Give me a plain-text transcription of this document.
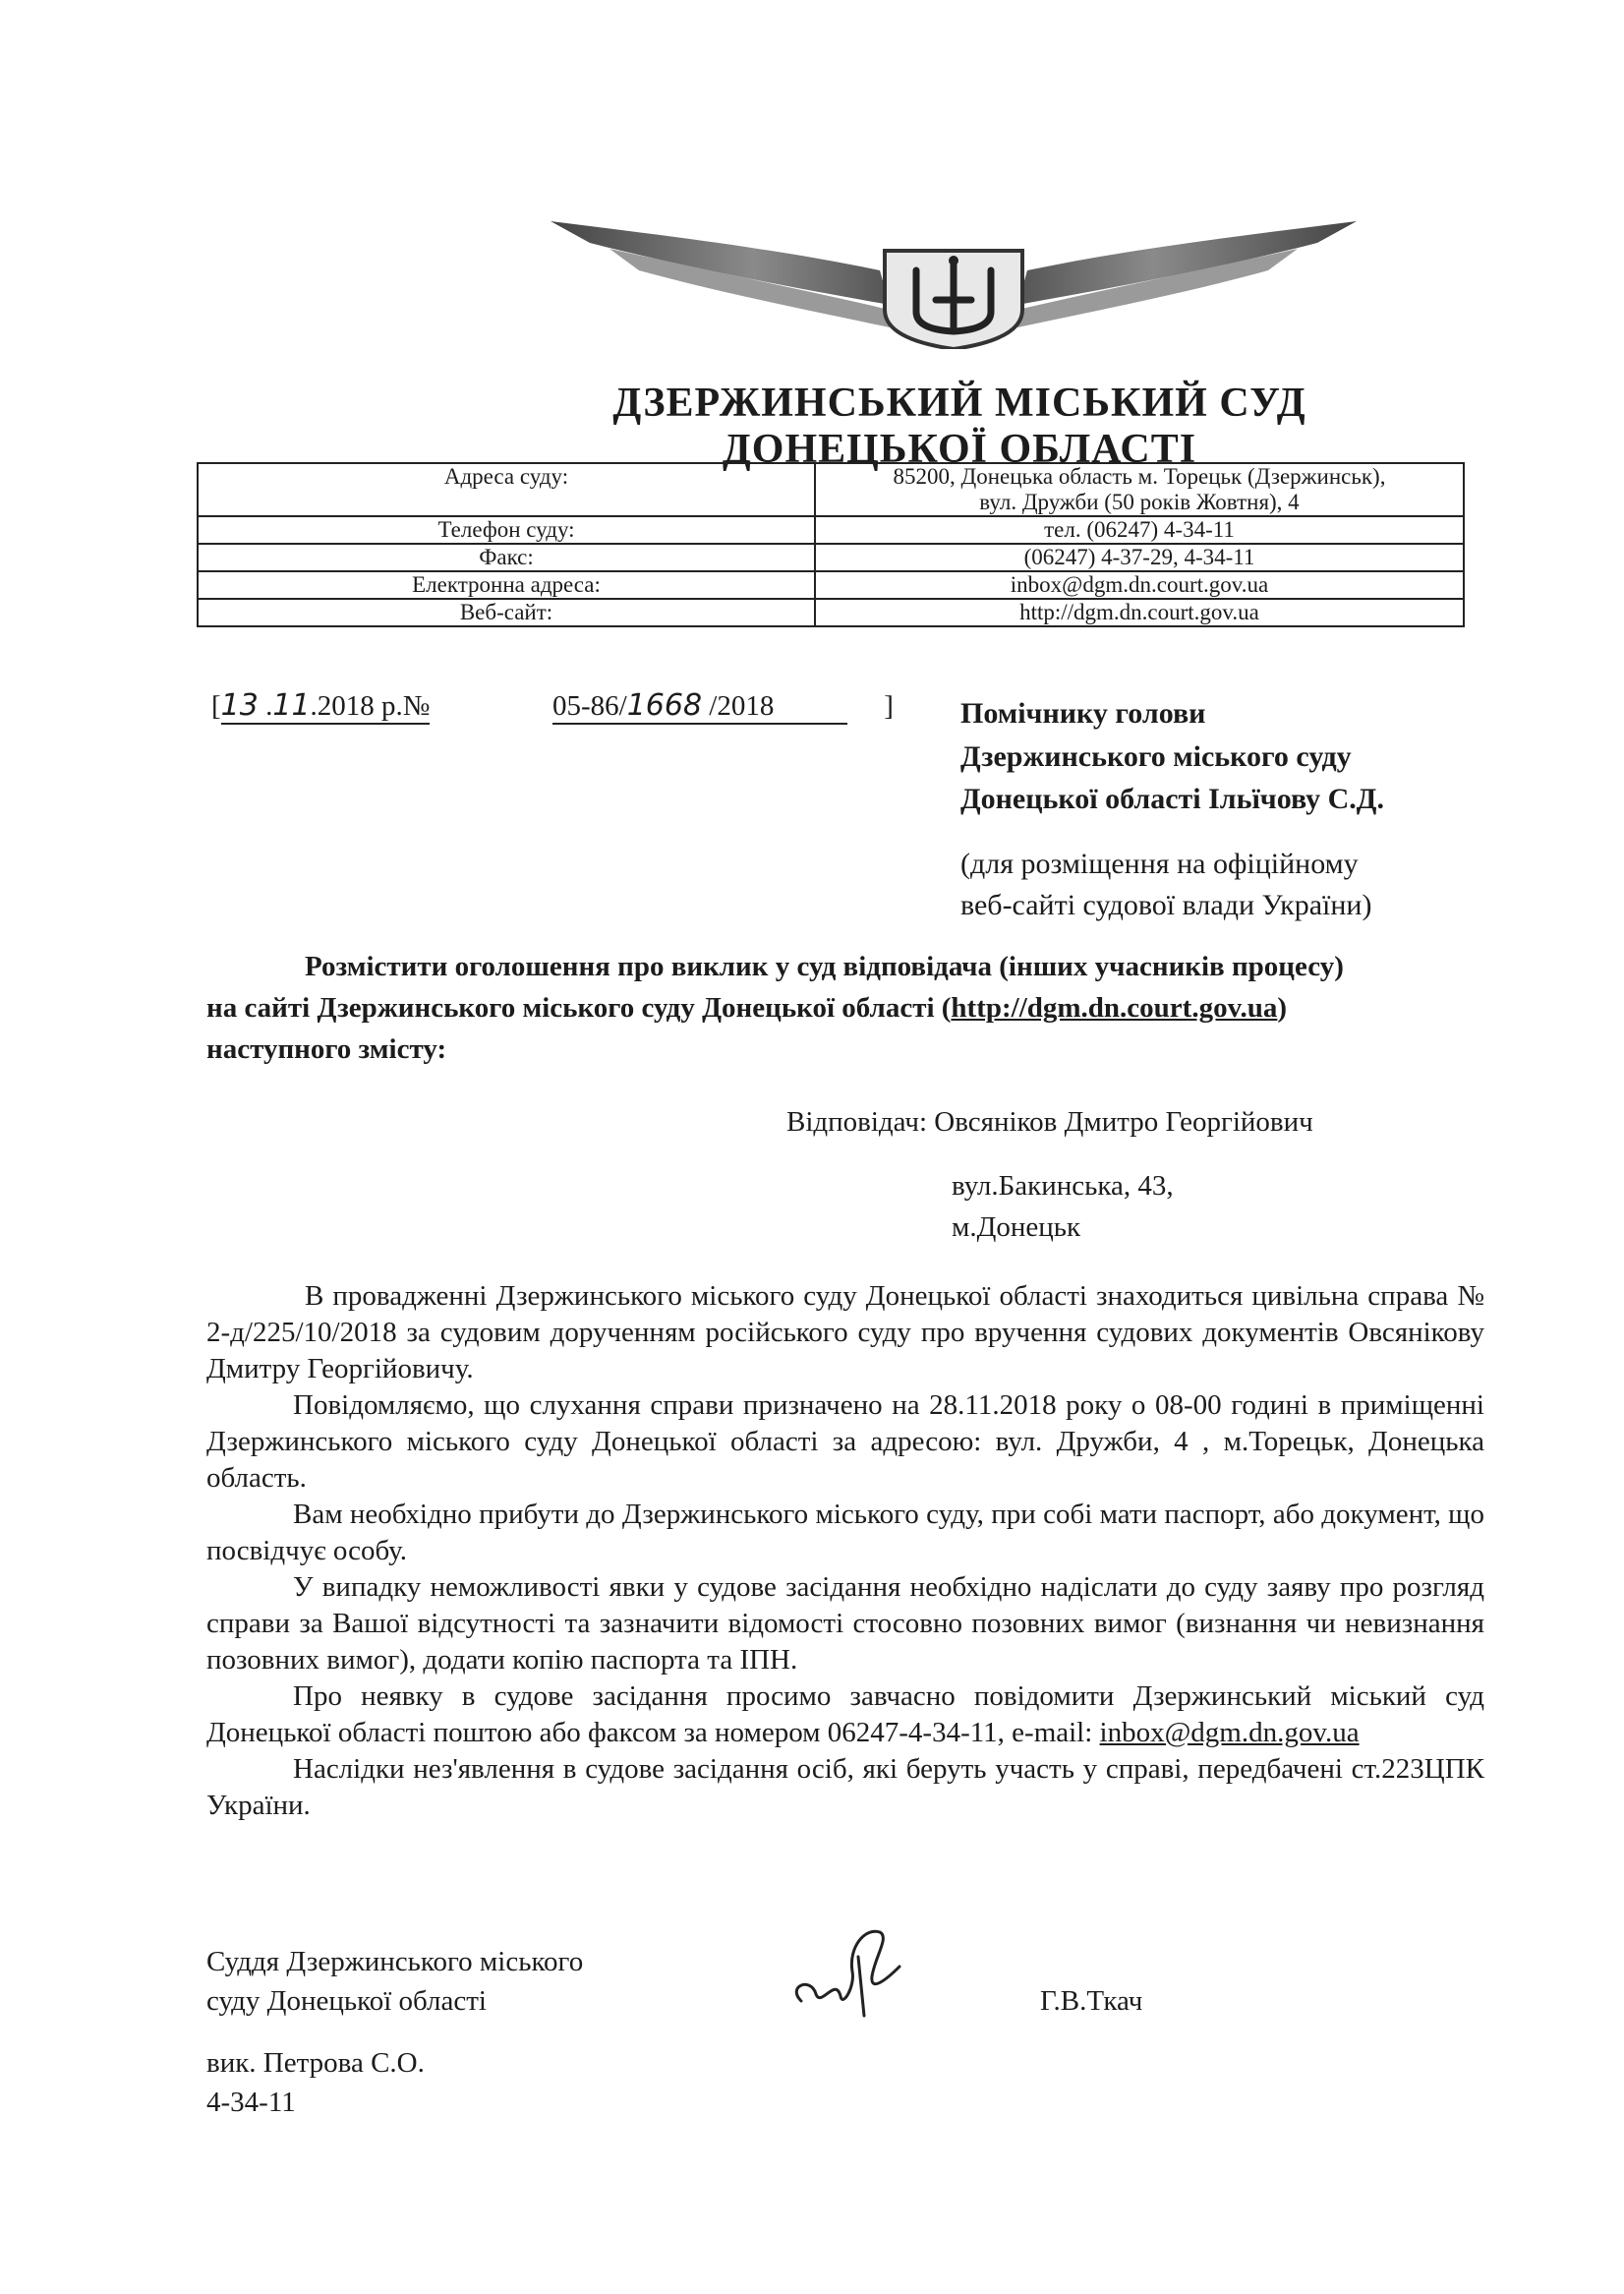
ДЗЕРЖИНСЬКИЙ МІСЬКИЙ СУД
ДОНЕЦЬКОЇ ОБЛАСТІ
Адреса суду:	85200, Донецька область м. Торецьк (Дзержинськ),
вул. Дружби (50 років Жовтня), 4

Телефон суду:	тел. (06247) 4-34-11
Факс:	(06247) 4-37-29, 4-34-11
Електронна адреса:	inbox@dgm.dn.court.gov.ua
Веб-сайт:	http://dgm.dn.court.gov.ua
[13 .11.2018 р.№	05-86/1668 /2018	] Помічнику голови
Дзержинського міського суду
Донецької області Ільїчову С.Д.
(для розміщення на офіційному
веб-сайті судової влади України)

Розмістити оголошення про виклик у суд відповідача (інших учасників процесу)

на сайті Дзержинського міського суду Донецької області (http://dgm.dn.court.gov.ua)

наступного змісту:

Відповідач: Овсяніков Дмитро Георгійович
вул.Бакинська, 43,
м.Донецьк

В провадженні Дзержинського міського суду Донецької області знаходиться цивільна справа № 2-д/225/10/2018 за судовим дорученням російського суду про вручення судових документів Овсянікову Дмитру Георгійовичу.

Повідомляємо, що слухання справи призначено на 28.11.2018 року о 08-00 годині в приміщенні Дзержинського міського суду Донецької області за адресою: вул. Дружби, 4 , м.Торецьк, Донецька область.

Вам необхідно прибути до Дзержинського міського суду, при собі мати паспорт, або документ, що посвідчує особу.

У випадку неможливості явки у судове засідання необхідно надіслати до суду заяву про розгляд справи за Вашої відсутності та зазначити відомості стосовно позовних вимог (визнання чи невизнання позовних вимог), додати копію паспорта та ІПН.

Про неявку в судове засідання просимо завчасно повідомити Дзержинський міський суд Донецької області поштою або факсом за номером 06247-4-34-11, e-mail: inbox@dgm.dn.gov.ua

Наслідки нез'явлення в судове засідання осіб, які беруть участь у справі, передбачені ст.223ЦПК України.

Суддя Дзержинського міського
суду Донецької області	Г.В.Ткач
вик. Петрова С.О.
4-34-11
